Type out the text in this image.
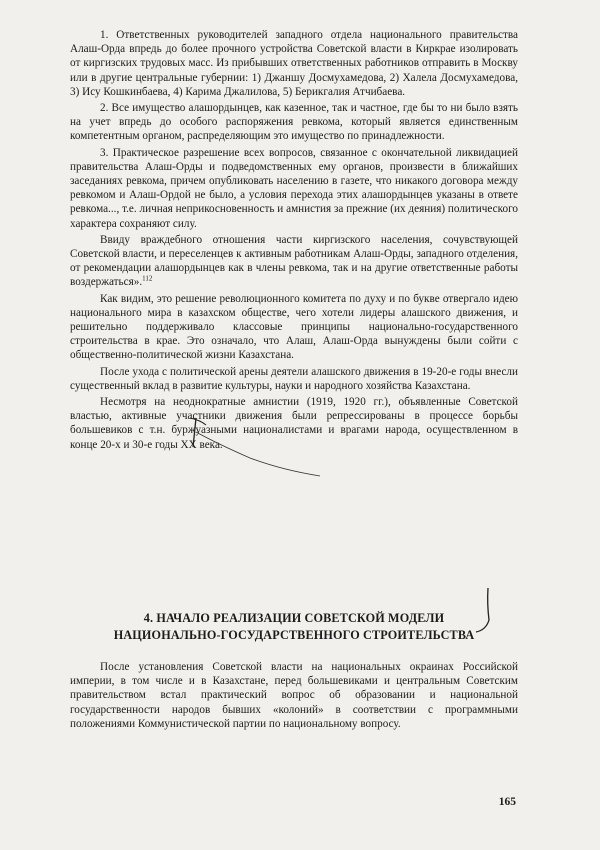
1. Ответственных руководителей западного отдела национального правительства Алаш-Орда впредь до более прочного устройства Советской власти в Киркрае изолировать от киргизских трудовых масс. Из прибывших ответственных работников отправить в Москву или в другие центральные губернии: 1) Джаншу Досмухамедова, 2) Халела Досмухамедова, 3) Ису Кошкинбаева, 4) Карима Джалилова, 5) Берикгалия Атчибаева.

2. Все имущество алашордынцев, как казенное, так и частное, где бы то ни было взять на учет впредь до особого распоряжения ревкома, который является единственным компетентным органом, распределяющим это имущество по принадлежности.

3. Практическое разрешение всех вопросов, связанное с окончательной ликвидацией правительства Алаш-Орды и подведомственных ему органов, произвести в ближайших заседаниях ревкома, причем опубликовать населению в газете, что никакого договора между ревкомом и Алаш-Ордой не было, а условия перехода этих алашордынцев указаны в ответе ревкома..., т.е. личная неприкосновенность и амнистия за прежние (их деяния) политического характера сохраняют силу.

Ввиду враждебного отношения части киргизского населения, сочувствующей Советской власти, и переселенцев к активным работникам Алаш-Орды, западного отделения, от рекомендации алашордынцев как в члены ревкома, так и на другие ответственные работы воздержаться».$^{112}$

Как видим, это решение революционного комитета по духу и по букве отвергало идею национального мира в казахском обществе, чего хотели лидеры алашского движения, и решительно поддерживало классовые принципы национально-государственного строительства в крае. Это означало, что Алаш, Алаш-Орда вынуждены были сойти с общественно-политической жизни Казахстана.

После ухода с политической арены деятели алашского движения в 19-20-е годы внесли существенный вклад в развитие культуры, науки и народного хозяйства Казахстана.

Несмотря на неоднократные амнистии (1919, 1920 гг.), объявленные Советской властью, активные участники движения были репрессированы в процессе борьбы большевиков с т.н. буржуазными националистами и врагами народа, осуществленном в конце 20-х и 30-е годы XX века.

4. НАЧАЛО РЕАЛИЗАЦИИ СОВЕТСКОЙ МОДЕЛИ
НАЦИОНАЛЬНО-ГОСУДАРСТВЕННОГО СТРОИТЕЛЬСТВА

После установления Советской власти на национальных окраинах Российской империи, в том числе и в Казахстане, перед большевиками и центральным Советским правительством встал практический вопрос об образовании и национальной государственности народов бывших «колоний» в соответствии с программными положениями Коммунистической партии по национальному вопросу.

165
